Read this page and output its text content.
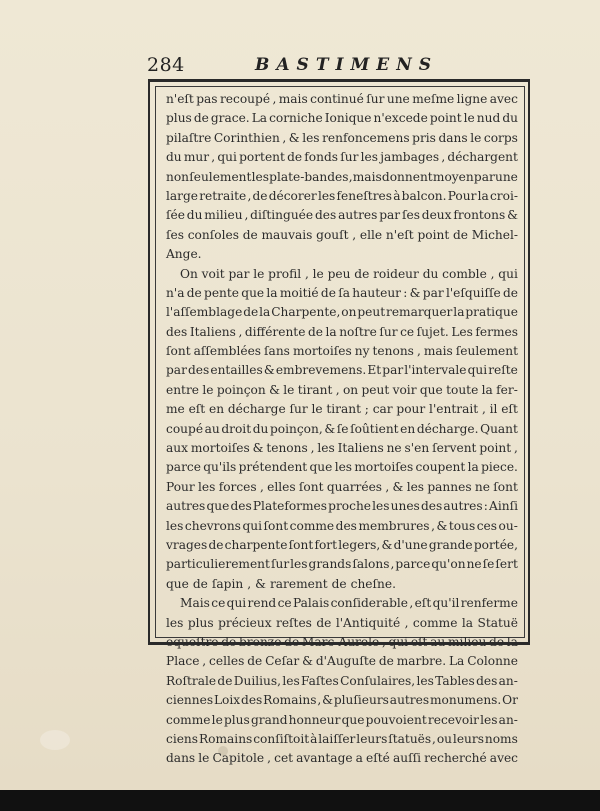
284	BASTIMENS
n'eſt pas recoupé , mais continué ſur une meſme ligne avec
plus de grace. La corniche Ionique n'excede point le nud du
pilaſtre Corinthien , & les renfoncemens pris dans le corps
du mur , qui portent de fonds ſur les jambages , déchargent
non ſeulement les plate-bandes , mais donnent moyen par une
large retraite , de décorer les feneſtres à balcon. Pour la croi-
ſée du milieu , diſtinguée des autres par ſes deux frontons &
ſes conſoles de mauvais gouſt , elle n'eſt point de Michel-
Ange.
On voit par le profil , le peu de roideur du comble , qui
n'a de pente que la moitié de ſa hauteur : & par l'eſquiſſe de
l'aſſemblage de la Charpente, on peut remarquer la pratique
des Italiens , différente de la noſtre ſur ce ſujet. Les fermes
ſont aſſemblées ſans mortoiſes ny tenons , mais ſeulement
par des entailles & embrevemens. Et par l'intervale qui reſte
entre le poinçon & le tirant , on peut voir que toute la fer-
me eſt en décharge ſur le tirant ; car pour l'entrait , il eſt
coupé au droit du poinçon, & ſe ſoûtient en décharge. Quant
aux mortoiſes & tenons , les Italiens ne s'en ſervent point ,
parce qu'ils prétendent que les mortoiſes coupent la piece.
Pour les forces , elles ſont quarrées , & les pannes ne ſont
autres que des Plateformes proche les unes des autres : Ainſi
les chevrons qui ſont comme des membrures , & tous ces ou-
vrages de charpente ſont fort legers, & d'une grande portée,
particulierement ſur les grands ſalons , parce qu'on ne ſe ſert
que de ſapin , & rarement de cheſne.
Mais ce qui rend ce Palais conſiderable , eſt qu'il renferme
les plus précieux reſtes de l'Antiquité , comme la Statuë
equeſtre de bronze de Marc-Aurele , qui eſt au milieu de la
Place , celles de Ceſar & d'Auguſte de marbre. La Colonne
Roſtrale de Duilius, les Faſtes Conſulaires, les Tables des an-
ciennes Loix des Romains , & pluſieurs autres monumens. Or
comme le plus grand honneur que pouvoient recevoir les an-
ciens Romains conſiſtoit à laiſſer leurs ſtatuës , ou leurs noms
dans le Capitole , cet avantage a eſté auſſi recherché avec
